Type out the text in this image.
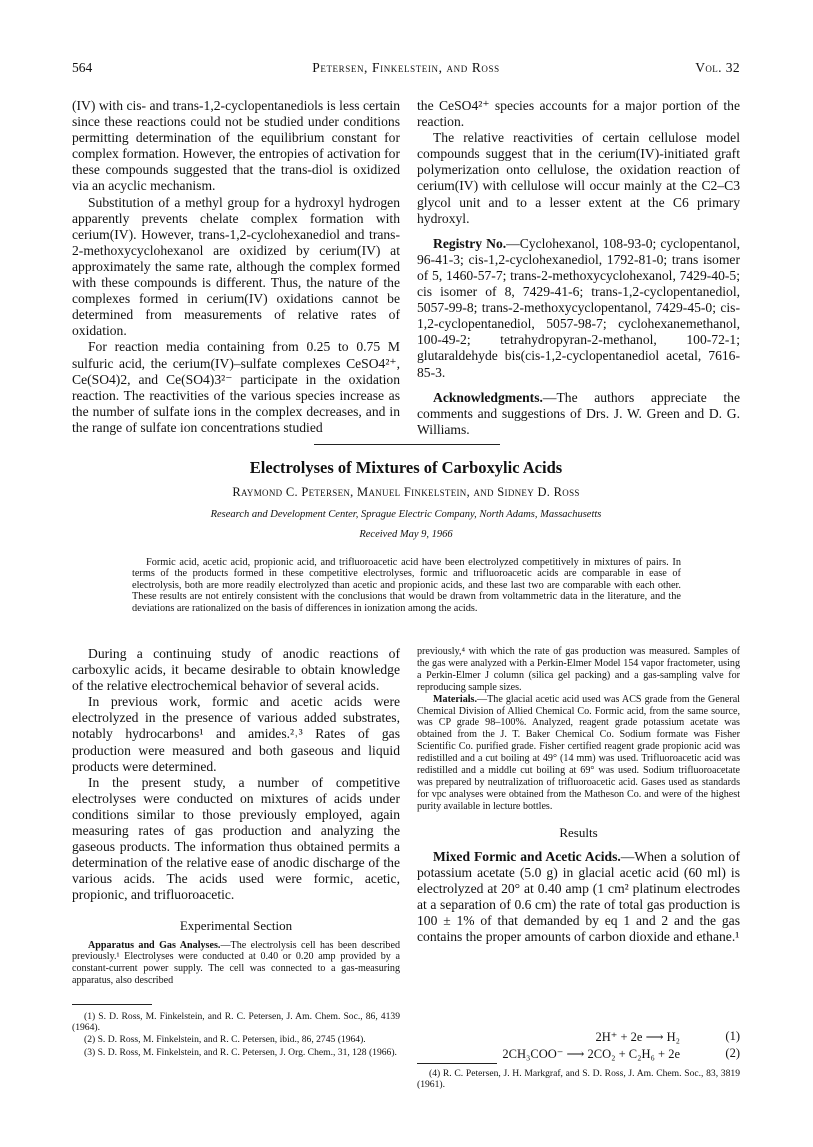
564	Petersen, Finkelstein, and Ross	Vol. 32

(IV) with cis- and trans-1,2-cyclopentanediols is less certain since these reactions could not be studied under conditions permitting determination of the equilibrium constant for complex formation. However, the entropies of activation for these compounds suggested that the trans-diol is oxidized via an acyclic mechanism.

Substitution of a methyl group for a hydroxyl hydrogen apparently prevents chelate complex formation with cerium(IV). However, trans-1,2-cyclohexanediol and trans-2-methoxycyclohexanol are oxidized by cerium(IV) at approximately the same rate, although the complex formed with these compounds is different. Thus, the nature of the complexes formed in cerium(IV) oxidations cannot be determined from measurements of relative rates of oxidation.

For reaction media containing from 0.25 to 0.75 M sulfuric acid, the cerium(IV)–sulfate complexes CeSO4²⁺, Ce(SO4)2, and Ce(SO4)3²⁻ participate in the oxidation reaction. The reactivities of the various species increase as the number of sulfate ions in the complex decreases, and in the range of sulfate ion concentrations studied

the CeSO4²⁺ species accounts for a major portion of the reaction.

The relative reactivities of certain cellulose model compounds suggest that in the cerium(IV)-initiated graft polymerization onto cellulose, the oxidation reaction of cerium(IV) with cellulose will occur mainly at the C2–C3 glycol unit and to a lesser extent at the C6 primary hydroxyl.

Registry No.—Cyclohexanol, 108-93-0; cyclopentanol, 96-41-3; cis-1,2-cyclohexanediol, 1792-81-0; trans isomer of 5, 1460-57-7; trans-2-methoxycyclohexanol, 7429-40-5; cis isomer of 8, 7429-41-6; trans-1,2-cyclopentanediol, 5057-99-8; trans-2-methoxycyclopentanol, 7429-45-0; cis-1,2-cyclopentanediol, 5057-98-7; cyclohexanemethanol, 100-49-2; tetrahydropyran-2-methanol, 100-72-1; glutaraldehyde bis(cis-1,2-cyclopentanediol acetal, 7616-85-3.

Acknowledgments.—The authors appreciate the comments and suggestions of Drs. J. W. Green and D. G. Williams.

Electrolyses of Mixtures of Carboxylic Acids
Raymond C. Petersen, Manuel Finkelstein, and Sidney D. Ross
Research and Development Center, Sprague Electric Company, North Adams, Massachusetts
Received May 9, 1966
Formic acid, acetic acid, propionic acid, and trifluoroacetic acid have been electrolyzed competitively in mixtures of pairs. In terms of the products formed in these competitive electrolyses, formic and trifluoroacetic acids are comparable in ease of electrolysis, both are more readily electrolyzed than acetic and propionic acids, and these last two are comparable with each other. These results are not entirely consistent with the conclusions that would be drawn from voltammetric data in the literature, and the deviations are rationalized on the basis of differences in ionization among the acids.

During a continuing study of anodic reactions of carboxylic acids, it became desirable to obtain knowledge of the relative electrochemical behavior of several acids.

In previous work, formic and acetic acids were electrolyzed in the presence of various added substrates, notably hydrocarbons¹ and amides.²˒³ Rates of gas production were measured and both gaseous and liquid products were determined.

In the present study, a number of competitive electrolyses were conducted on mixtures of acids under conditions similar to those previously employed, again measuring rates of gas production and analyzing the gaseous products. The information thus obtained permits a determination of the relative ease of anodic discharge of the various acids. The acids used were formic, acetic, propionic, and trifluoroacetic.

Experimental Section

Apparatus and Gas Analyses.—The electrolysis cell has been described previously.¹ Electrolyses were conducted at 0.40 or 0.20 amp provided by a constant-current power supply. The cell was connected to a gas-measuring apparatus, also described

previously,⁴ with which the rate of gas production was measured. Samples of the gas were analyzed with a Perkin-Elmer Model 154 vapor fractometer, using a Perkin-Elmer J column (silica gel packing) and a gas-sampling valve for reproducing sample sizes.

Materials.—The glacial acetic acid used was ACS grade from the General Chemical Division of Allied Chemical Co. Formic acid, from the same source, was CP grade 98–100%. Analyzed, reagent grade potassium acetate was obtained from the J. T. Baker Chemical Co. Sodium formate was Fisher Scientific Co. purified grade. Fisher certified reagent grade propionic acid was redistilled and a cut boiling at 49° (14 mm) was used. Trifluoroacetic acid was redistilled and a middle cut boiling at 69° was used. Sodium trifluoroacetate was prepared by neutralization of trifluoroacetic acid. Gases used as standards for vpc analyses were obtained from the Matheson Co. and were of the highest purity available in lecture bottles.

Results

Mixed Formic and Acetic Acids.—When a solution of potassium acetate (5.0 g) in glacial acetic acid (60 ml) is electrolyzed at 20° at 0.40 amp (1 cm² platinum electrodes at a separation of 0.6 cm) the rate of total gas production is 100 ± 1% of that demanded by eq 1 and 2 and the gas contains the proper amounts of carbon dioxide and ethane.¹

2H⁺ + 2e ⟶ H₂	(1)
2CH₃COO⁻ ⟶ 2CO₂ + C₂H₆ + 2e	(2)

(1) S. D. Ross, M. Finkelstein, and R. C. Petersen, J. Am. Chem. Soc., 86, 4139 (1964).

(2) S. D. Ross, M. Finkelstein, and R. C. Petersen, ibid., 86, 2745 (1964).

(3) S. D. Ross, M. Finkelstein, and R. C. Petersen, J. Org. Chem., 31, 128 (1966).

(4) R. C. Petersen, J. H. Markgraf, and S. D. Ross, J. Am. Chem. Soc., 83, 3819 (1961).
